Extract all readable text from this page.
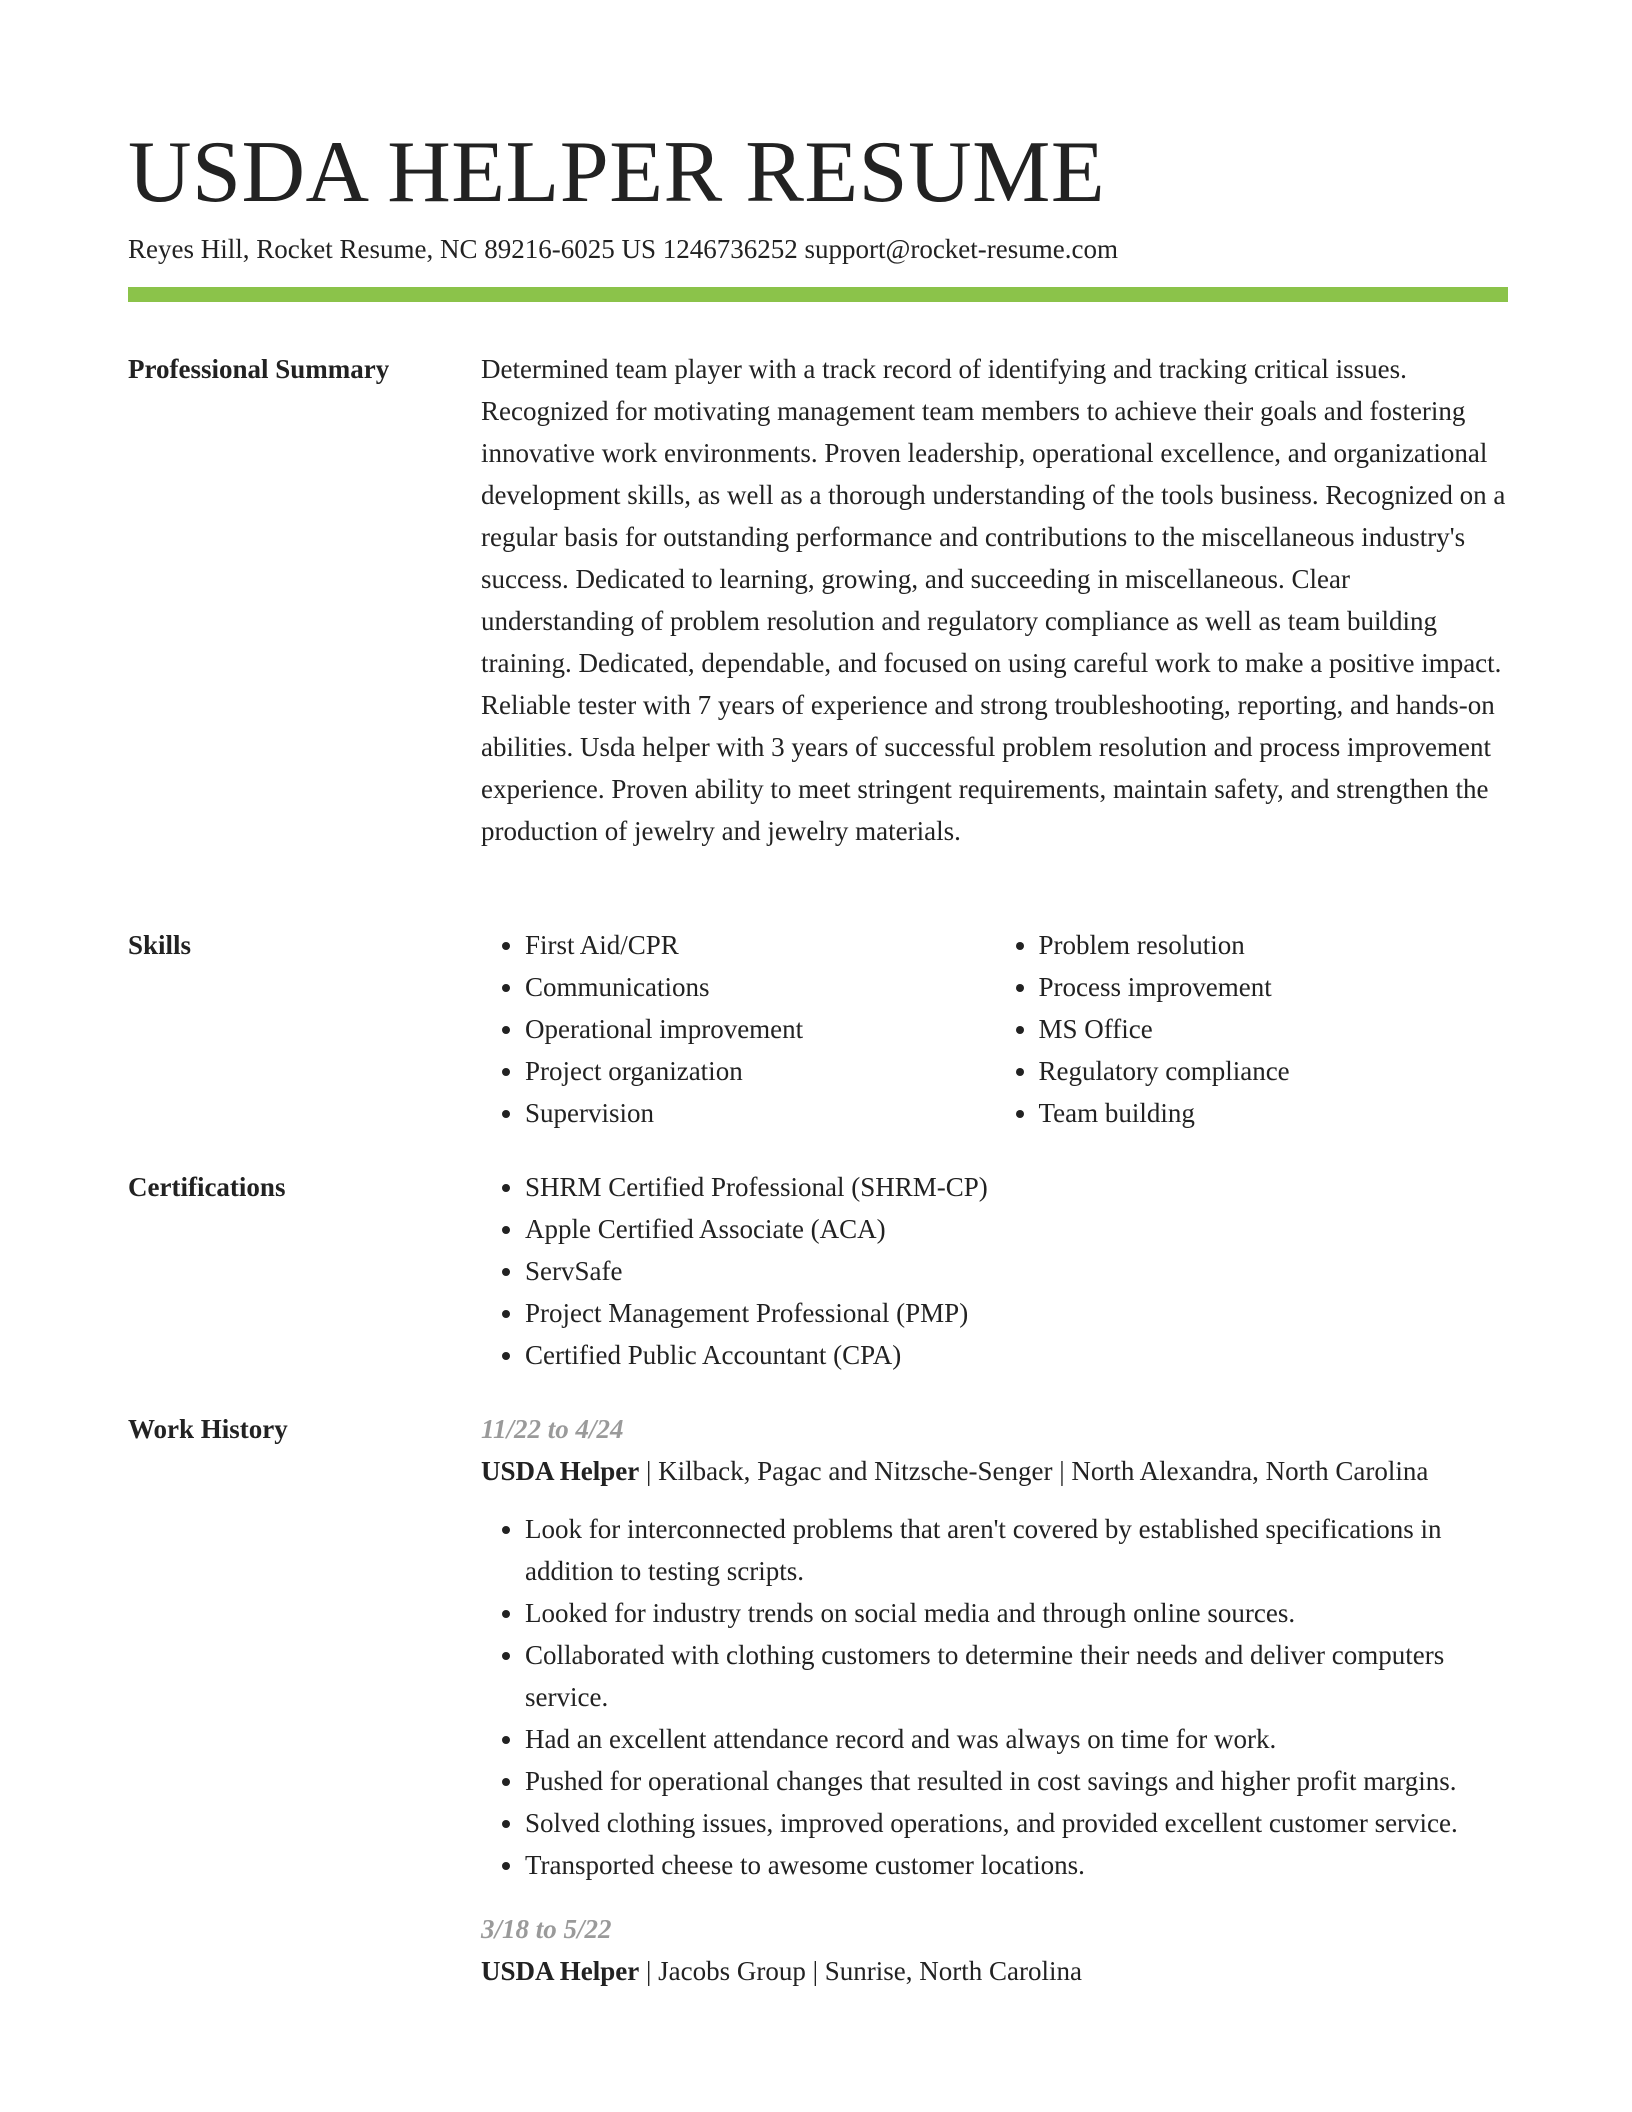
USDA HELPER RESUME
Reyes Hill, Rocket Resume, NC 89216-6025 US 1246736252 support@rocket-resume.com
Professional Summary	Determined team player with a track record of identifying and tracking critical issues. Recognized for motivating management team members to achieve their goals and fostering innovative work environments. Proven leadership, operational excellence, and organizational development skills, as well as a thorough understanding of the tools business. Recognized on a regular basis for outstanding performance and contributions to the miscellaneous industry's success. Dedicated to learning, growing, and succeeding in miscellaneous. Clear understanding of problem resolution and regulatory compliance as well as team building training. Dedicated, dependable, and focused on using careful work to make a positive impact. Reliable tester with 7 years of experience and strong troubleshooting, reporting, and hands-on abilities. Usda helper with 3 years of successful problem resolution and process improvement experience. Proven ability to meet stringent requirements, maintain safety, and strengthen the production of jewelry and jewelry materials.

Skills	• First Aid/CPR
• Communications
• Operational improvement
• Project organization
• Supervision
• Problem resolution
• Process improvement
• MS Office
• Regulatory compliance
• Team building
Certifications	• SHRM Certified Professional (SHRM-CP)
• Apple Certified Associate (ACA)
• ServSafe
• Project Management Professional (PMP)
• Certified Public Accountant (CPA)
Work History	11/22 to 4/24
USDA Helper | Kilback, Pagac and Nitzsche-Senger | North Alexandra, North Carolina
• Look for interconnected problems that aren't covered by established specifications in addition to testing scripts.
• Looked for industry trends on social media and through online sources.
• Collaborated with clothing customers to determine their needs and deliver computers service.
• Had an excellent attendance record and was always on time for work.
• Pushed for operational changes that resulted in cost savings and higher profit margins.
• Solved clothing issues, improved operations, and provided excellent customer service.
• Transported cheese to awesome customer locations.
3/18 to 5/22
USDA Helper | Jacobs Group | Sunrise, North Carolina
